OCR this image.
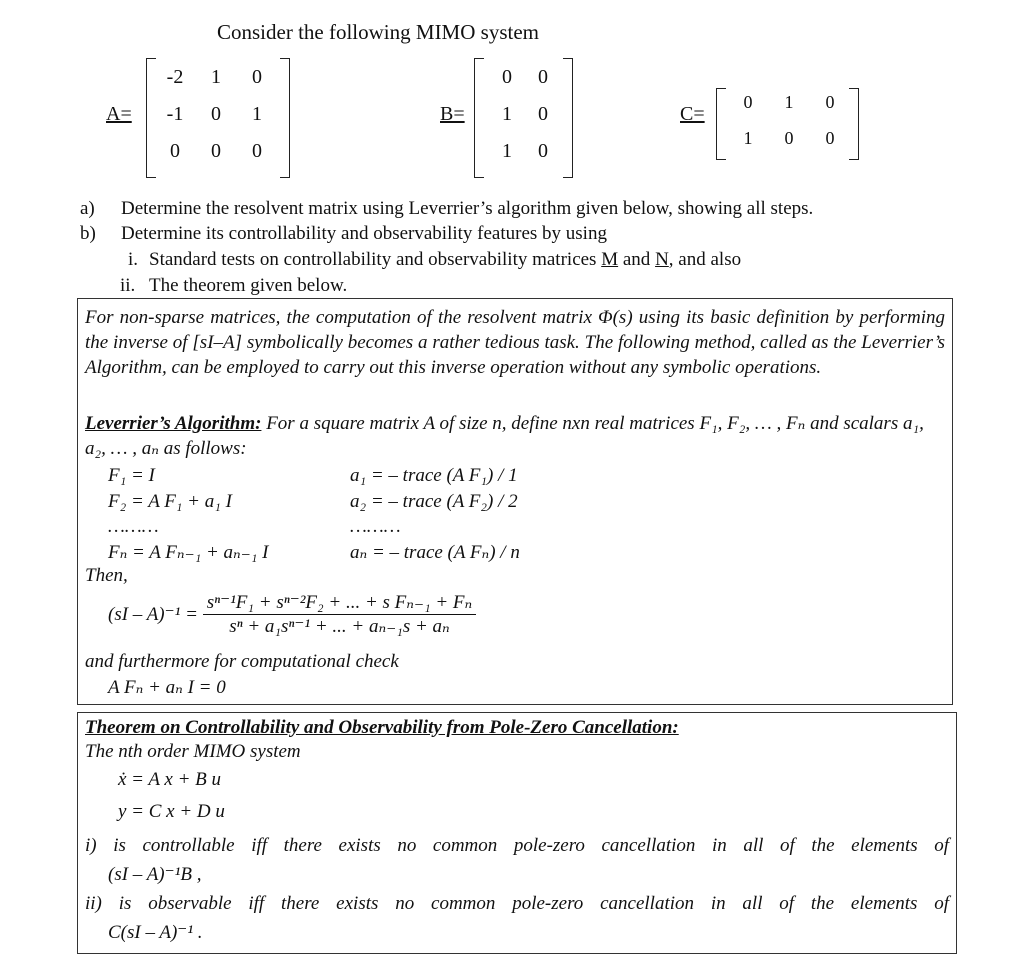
Consider the following MIMO system
A=
-2	1	0
-1	0	1
0	0	0
B=
0	0
1	0
1	0
C=
0	1	0
1	0	0
a) Determine the resolvent matrix using Leverrier’s algorithm given below, showing all steps.
b) Determine its controllability and observability features by using
i. Standard tests on controllability and observability matrices M and N, and also
ii. The theorem given below.
For non-sparse matrices, the computation of the resolvent matrix Φ(s) using its basic definition by performing the inverse of [sI–A] symbolically becomes a rather tedious task. The following method, called as the Leverrier’s Algorithm, can be employed to carry out this inverse operation without any symbolic operations.
Leverrier’s Algorithm: For a square matrix A of size n, define nxn real matrices F₁, F₂, … , Fₙ and scalars a₁, a₂, … , aₙ as follows:
F₁ = I
F₂ = A F₁ + a₁ I
………
Fₙ = A Fₙ₋₁ + aₙ₋₁ I
a₁ = – trace (A F₁) / 1
a₂ = – trace (A F₂) / 2
………
aₙ = – trace (A Fₙ) / n
Then,
$(sI - A)^{-1} = \frac{\text{sⁿ⁻¹F₁ + sⁿ⁻²F₂ + ... + s Fₙ₋₁ + Fₙ}}{\text{sⁿ + a₁sⁿ⁻¹ + ... + aₙ₋₁s + aₙ}}$
and furthermore for computational check
A Fₙ + aₙ I = 0
Theorem on Controllability and Observability from Pole-Zero Cancellation:
The nth order MIMO system
ẋ = A x + B u
y = C x + D u
i) is controllable iff there exists no common pole-zero cancellation in all of the elements of
(sI – A)⁻¹B ,
ii) is observable iff there exists no common pole-zero cancellation in all of the elements of
C(sI – A)⁻¹ .
